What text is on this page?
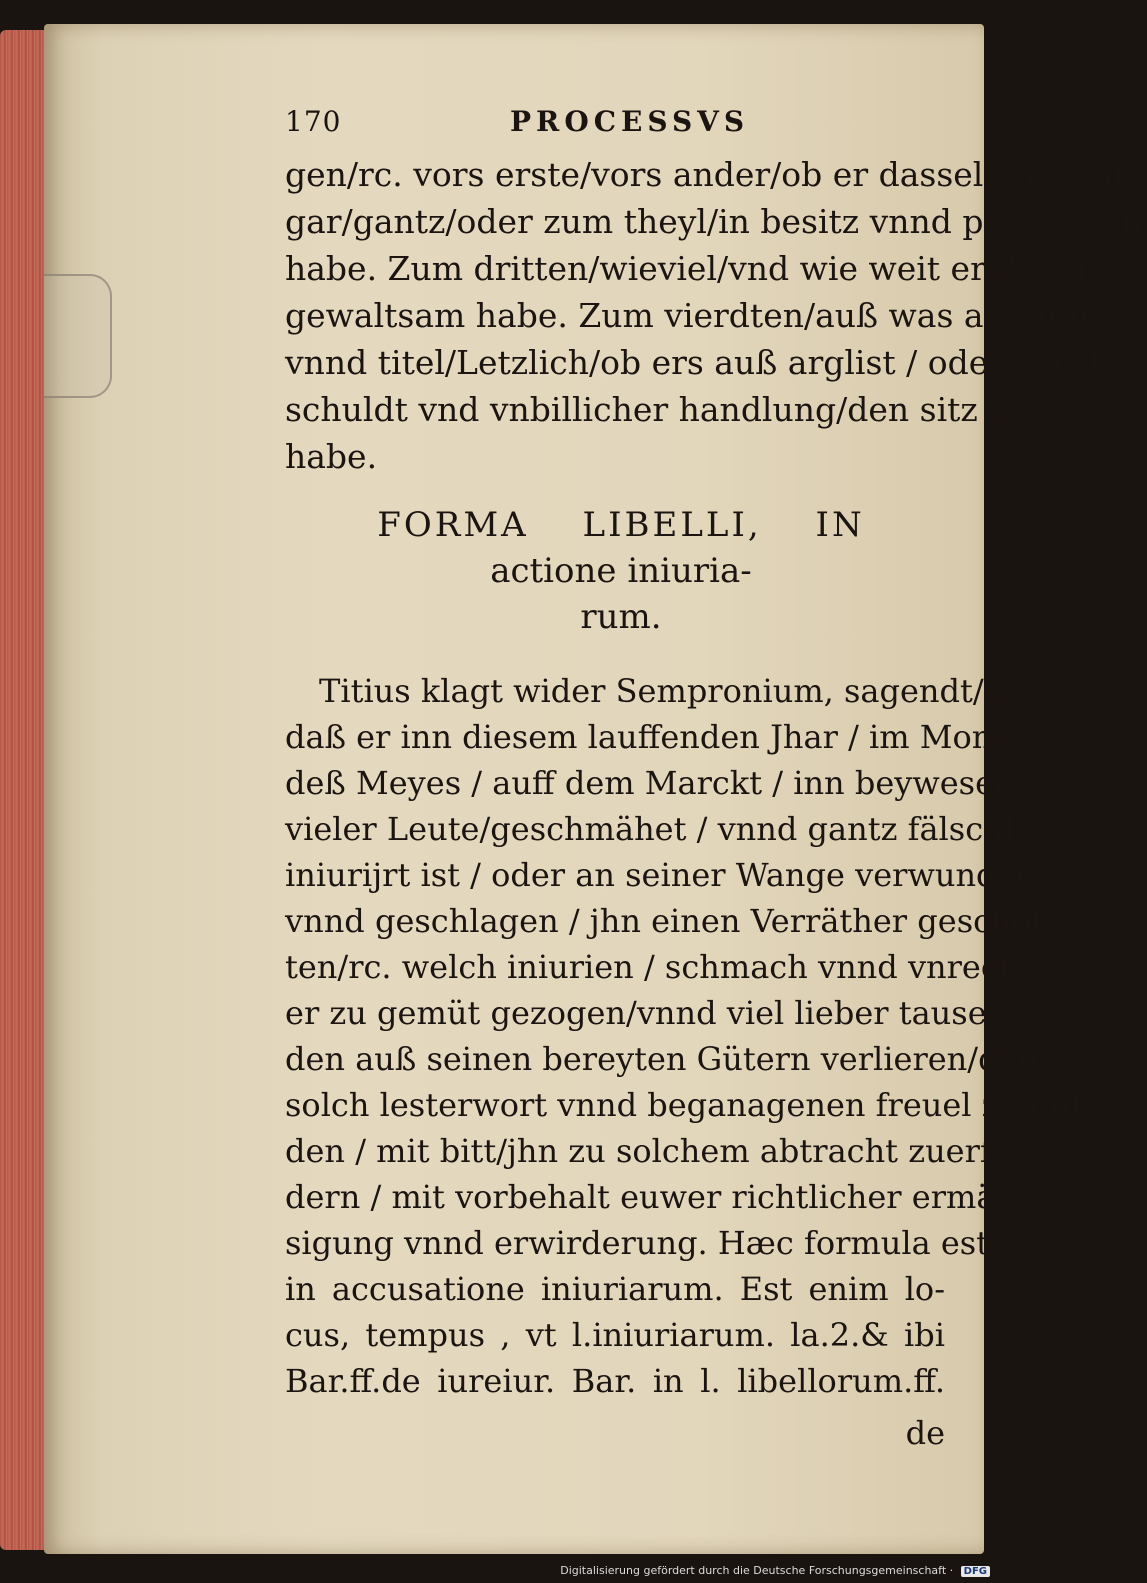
170	PROCESSVS
gen/rc. vors erste/vors ander/ob er dasselbige Gut
gar/gantz/oder zum theyl/in besitz vnnd possession
habe. Zum dritten/wieviel/vnd wie weit er das in
gewaltsam habe. Zum vierdten/auß was ankunfft
vnnd titel/Letzlich/ob ers auß arglist / oder sonst
schuldt vnd vnbillicher handlung/den sitz verlassen
habe.
FORMA LIBELLI, IN
actione iniuria-
rum.
Titius klagt wider Sempronium, sagendt/
daß er inn diesem lauffenden Jhar / im Monat
deß Meyes / auff dem Marckt / inn beywesen
vieler Leute/geschmähet / vnnd gantz fälschlich
iniurijrt ist / oder an seiner Wange verwundet/
vnnd geschlagen / jhn einen Verräther gescholt-
ten/rc. welch iniurien / schmach vnnd vnrecht
er zu gemüt gezogen/vnnd viel lieber tausent gül-
den auß seinen bereyten Gütern verlieren/denn
solch lesterwort vnnd beganagenen freuel zu dul-
den / mit bitt/jhn zu solchem abtracht zuerfor-
dern / mit vorbehalt euwer richtlicher ermäs-
sigung vnnd erwirderung. Hæc formula est
in accusatione iniuriarum. Est enim lo-
cus, tempus , vt l.iniuriarum. la.2.& ibi
Bar.ff.de iureiur. Bar. in l. libellorum.ff.
de
Digitalisierung gefördert durch die Deutsche Forschungsgemeinschaft · DFG
